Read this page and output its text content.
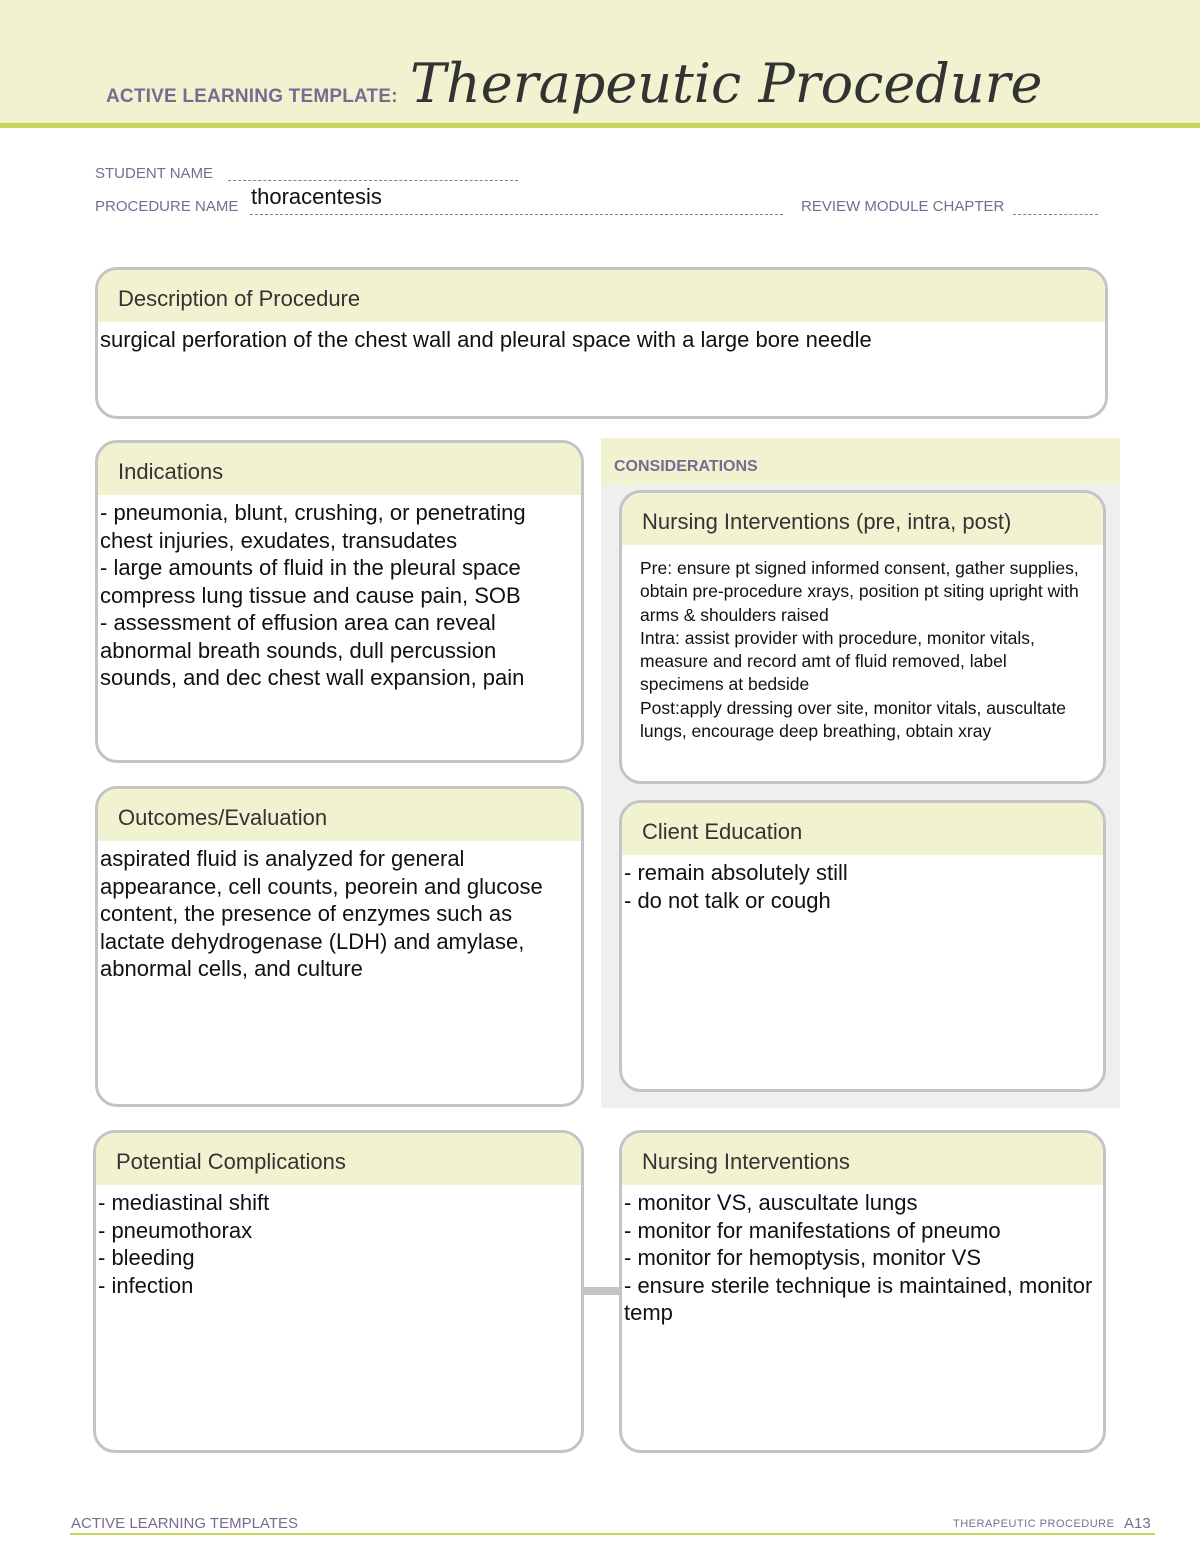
ACTIVE LEARNING TEMPLATE: Therapeutic Procedure
STUDENT NAME
PROCEDURE NAME thoracentesis	REVIEW MODULE CHAPTER
Description of Procedure
surgical perforation of the chest wall and pleural space with a large bore needle
Indications
- pneumonia, blunt, crushing, or penetrating chest injuries, exudates, transudates
- large amounts of fluid in the pleural space compress lung tissue and cause pain, SOB
- assessment of effusion area can reveal abnormal breath sounds, dull percussion sounds, and dec chest wall expansion, pain
Outcomes/Evaluation
aspirated fluid is analyzed for general appearance, cell counts, peorein and glucose content, the presence of enzymes such as lactate dehydrogenase (LDH) and amylase, abnormal cells, and culture
CONSIDERATIONS
Nursing Interventions (pre, intra, post)
Pre: ensure pt signed informed consent, gather supplies, obtain pre-procedure xrays, position pt siting upright with arms & shoulders raised
Intra: assist provider with procedure, monitor vitals, measure and record amt of fluid removed, label specimens at bedside
Post:apply dressing over site, monitor vitals, auscultate lungs, encourage deep breathing, obtain xray
Client Education
- remain absolutely still
- do not talk or cough
Potential Complications
- mediastinal shift
- pneumothorax
- bleeding
- infection
Nursing Interventions
- monitor VS, auscultate lungs
- monitor for manifestations of pneumo
- monitor for hemoptysis, monitor VS
- ensure sterile technique is maintained, monitor temp
ACTIVE LEARNING TEMPLATES	THERAPEUTIC PROCEDURE A13
